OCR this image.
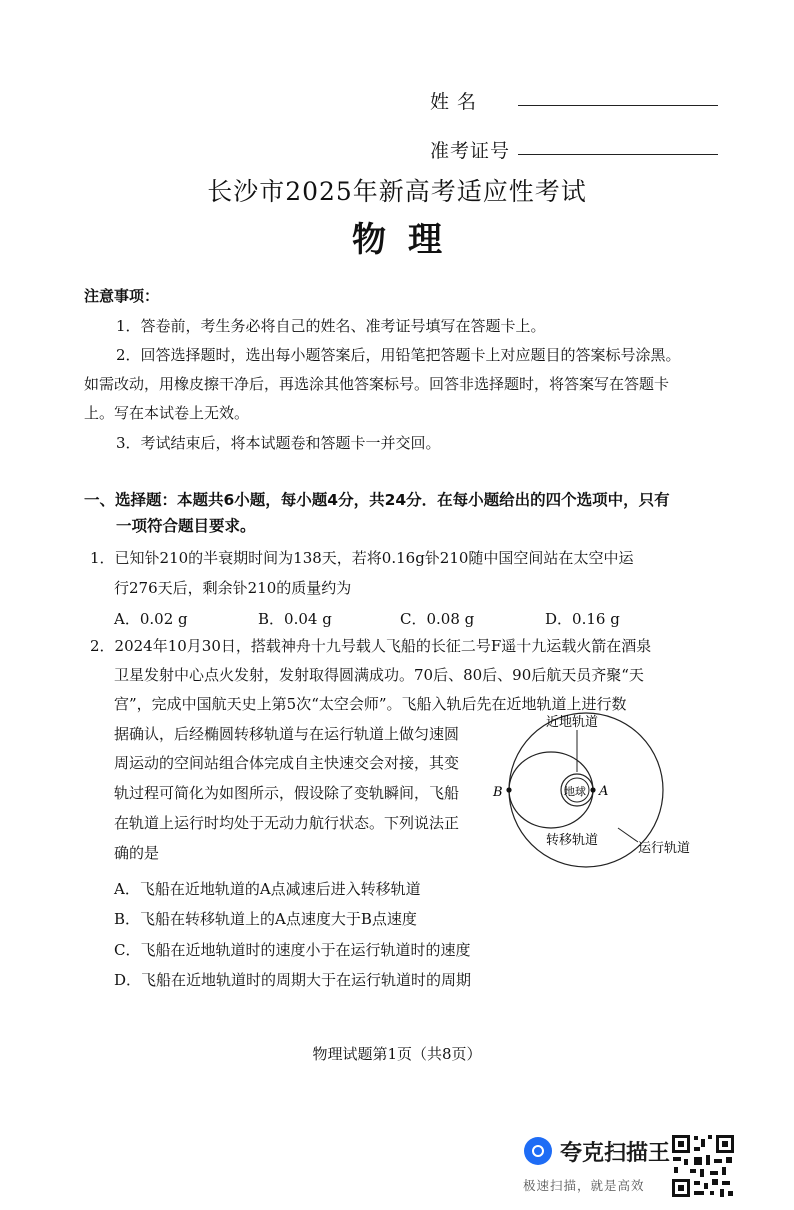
姓 名
准考证号
长沙市2025年新高考适应性考试
物理
注意事项：
1．答卷前，考生务必将自己的姓名、准考证号填写在答题卡上。
2．回答选择题时，选出每小题答案后，用铅笔把答题卡上对应题目的答案标号涂黑。
如需改动，用橡皮擦干净后，再选涂其他答案标号。回答非选择题时，将答案写在答题卡
上。写在本试卷上无效。
3．考试结束后，将本试题卷和答题卡一并交回。
一、选择题：本题共6小题，每小题4分，共24分．在每小题给出的四个选项中，只有
一项符合题目要求。
1．已知钋210的半衰期时间为138天，若将0.16g钋210随中国空间站在太空中运
行276天后，剩余钋210的质量约为
A．0.02 g	B．0.04 g	C．0.08 g	D．0.16 g
2．2024年10月30日，搭载神舟十九号载人飞船的长征二号F遥十九运载火箭在酒泉
卫星发射中心点火发射，发射取得圆满成功。70后、80后、90后航天员齐聚“天
宫”，完成中国航天史上第5次“太空会师”。飞船入轨后先在近地轨道上进行数
据确认，后经椭圆转移轨道与在运行轨道上做匀速圆
周运动的空间站组合体完成自主快速交会对接，其变
轨过程可简化为如图所示，假设除了变轨瞬间，飞船
在轨道上运行时均处于无动力航行状态。下列说法正
确的是
A．飞船在近地轨道的A点减速后进入转移轨道
B．飞船在转移轨道上的A点速度大于B点速度
C．飞船在近地轨道时的速度小于在运行轨道时的速度
D．飞船在近地轨道时的周期大于在运行轨道时的周期
近地轨道
地球 A
B
转移轨道
运行轨道
物理试题第1页（共8页）
夸克扫描王
极速扫描，就是高效
